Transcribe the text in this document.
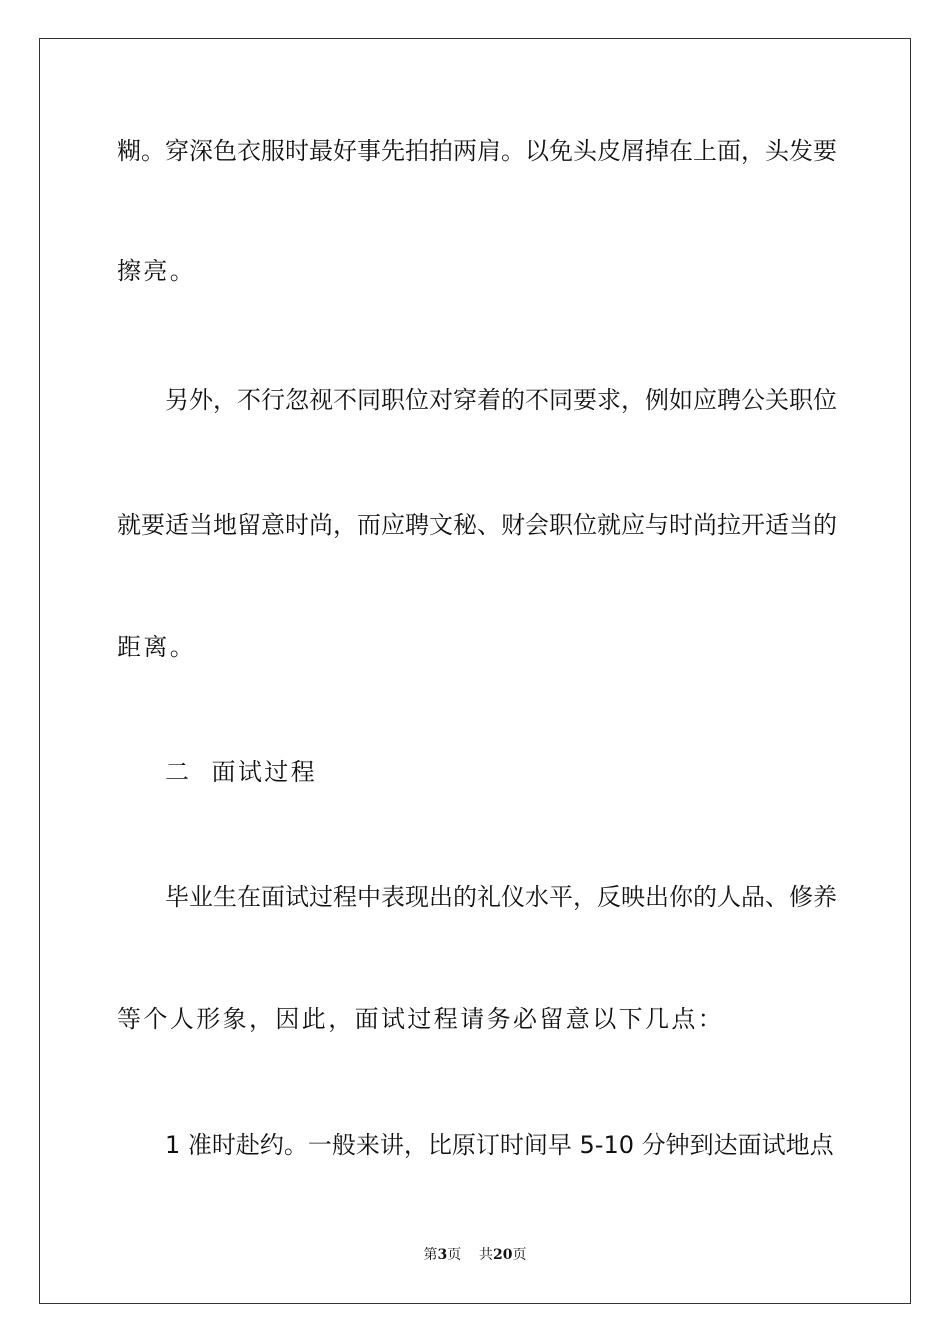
糊。穿深色衣服时最好事先拍拍两肩。以免头皮屑掉在上面，头发要
擦亮。
另外，不行忽视不同职位对穿着的不同要求，例如应聘公关职位
就要适当地留意时尚，而应聘文秘、财会职位就应与时尚拉开适当的
距离。
二  面试过程
毕业生在面试过程中表现出的礼仪水平，反映出你的人品、修养
等个人形象，因此，面试过程请务必留意以下几点：
1 准时赴约。一般来讲，比原订时间早 5-10 分钟到达面试地点
第3页    共20页
